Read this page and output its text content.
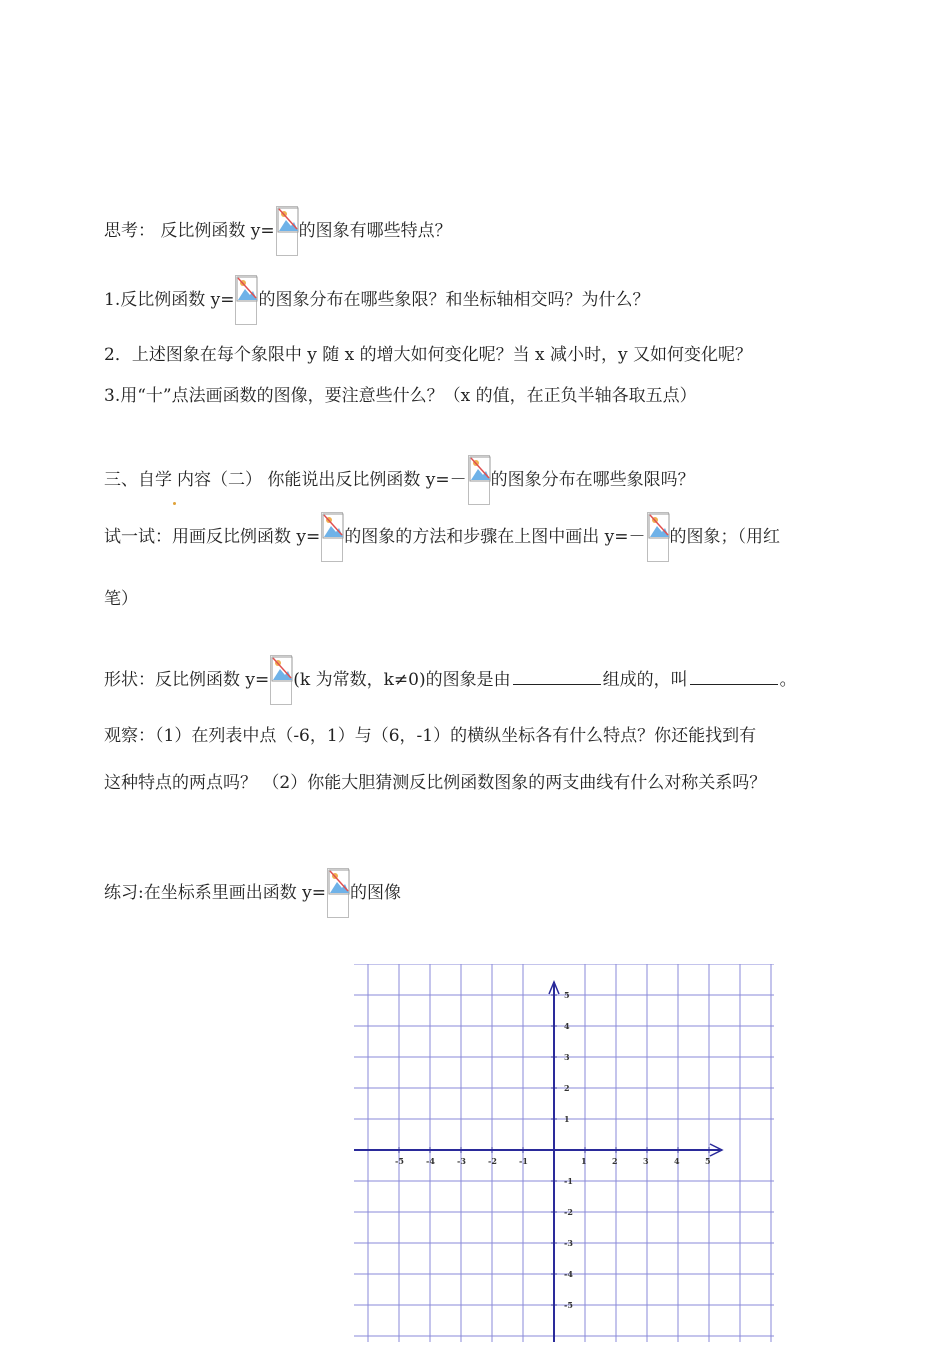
思考： 反比例函数 y= 的图象有哪些特点？
1.反比例函数 y= 的图象分布在哪些象限？和坐标轴相交吗？为什么？
2．上述图象在每个象限中 y 随 x 的增大如何变化呢？当 x 减小时，y 又如何变化呢？
3.用“十”点法画函数的图像，要注意些什么？（x 的值，在正负半轴各取五点）
三、自学 内容（二） 你能说出反比例函数 y=－ 的图象分布在哪些象限吗？
试一试：用画反比例函数 y= 的图象的方法和步骤在上图中画出 y=－ 的图象；（用红
笔）
形状：反比例函数 y= (k 为常数，k≠0)的图象是由	组成的，叫	。
观察：（1）在列表中点（-6，1）与（6，-1）的横纵坐标各有什么特点？你还能找到有
这种特点的两点吗？ （2）你能大胆猜测反比例函数图象的两支曲线有什么对称关系吗？
练习:在坐标系里画出函数 y= 的图像
-5	-4	-3	-2	-1	1	2	3	4	5
5
4
3
2
1
-1
-2
-3
-4
-5
